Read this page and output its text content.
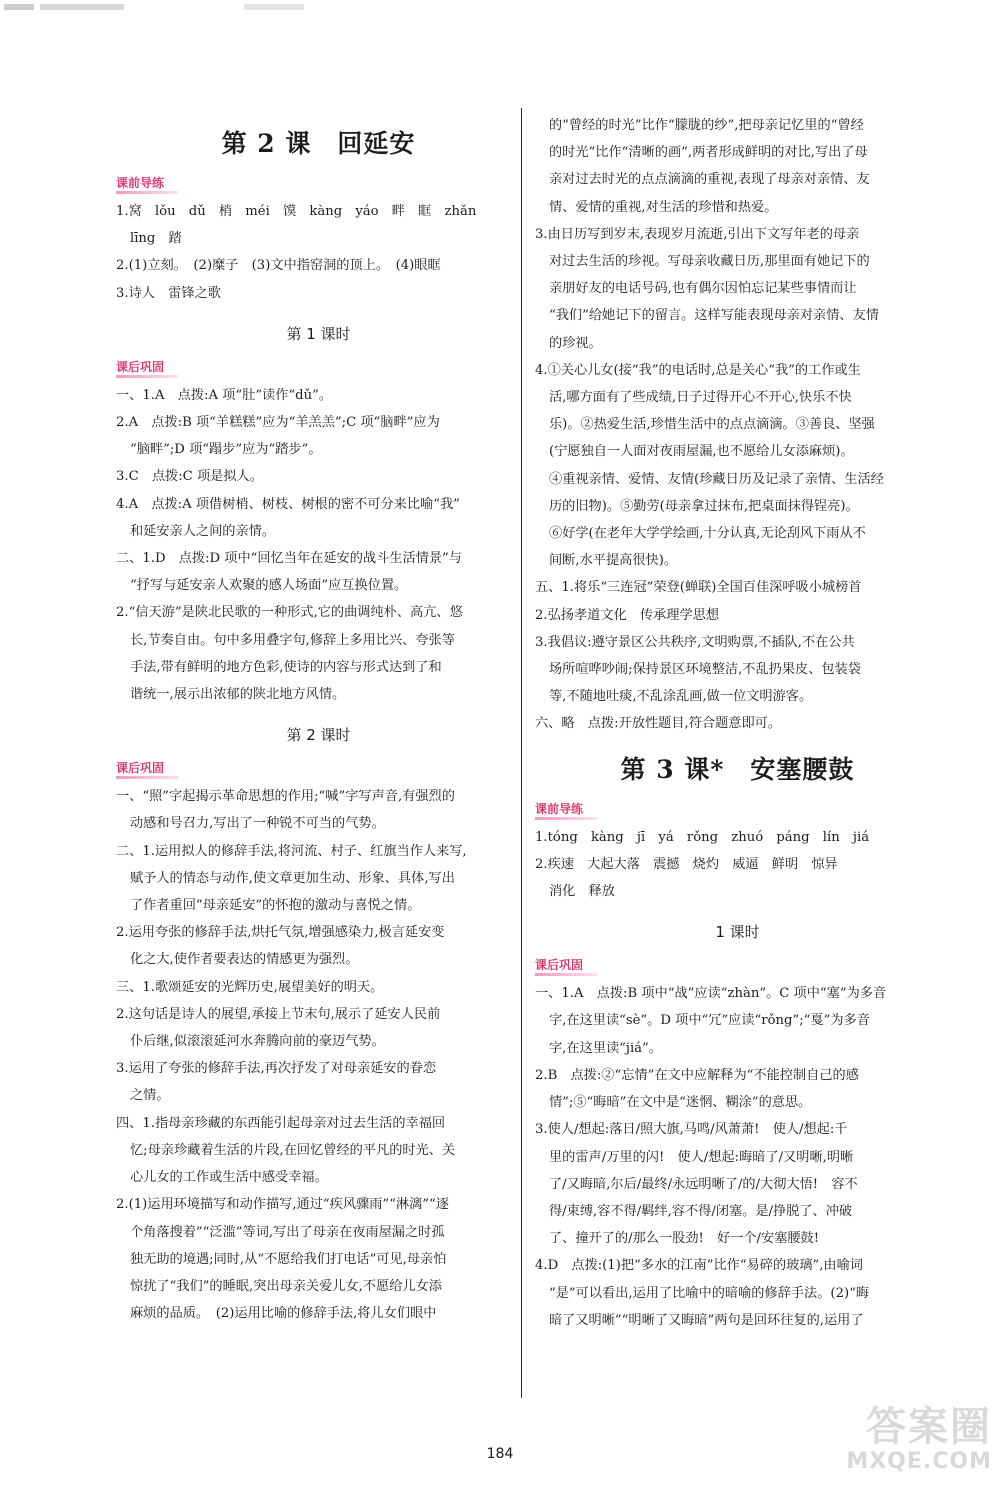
第 2 课　回延安
课前导练

1.窝　lǒu　dǔ　梢　méi　馍　kàng　yáo　畔　眶　zhǎn

līng　踏

2.(1)立刻。　(2)糜子　(3)文中指窑洞的顶上。　(4)眼眶

3.诗人　雷锋之歌

第 1 课时
课后巩固

一、1.A　点拨:A 项“肚”读作“dǔ”。

2.A　点拨:B 项“羊糕糕”应为“羊羔羔”;C 项“脑畔”应为

“脑畔”;D 项“蹋步”应为“踏步”。

3.C　点拨:C 项是拟人。

4.A　点拨:A 项借树梢、树枝、树根的密不可分来比喻“我”

和延安亲人之间的亲情。

二、1.D　点拨:D 项中“回忆当年在延安的战斗生活情景”与

“抒写与延安亲人欢聚的感人场面”应互换位置。

2.“信天游”是陕北民歌的一种形式,它的曲调纯朴、高亢、悠

长,节奏自由。句中多用叠字句,修辞上多用比兴、夸张等

手法,带有鲜明的地方色彩,使诗的内容与形式达到了和

谐统一,展示出浓郁的陕北地方风情。

第 2 课时
课后巩固

一、“照”字起揭示革命思想的作用;“喊”字写声音,有强烈的

动感和号召力,写出了一种锐不可当的气势。

二、1.运用拟人的修辞手法,将河流、村子、红旗当作人来写,

赋予人的情态与动作,使文章更加生动、形象、具体,写出

了作者重回“母亲延安”的怀抱的激动与喜悦之情。

2.运用夸张的修辞手法,烘托气氛,增强感染力,极言延安变

化之大,使作者要表达的情感更为强烈。

三、1.歌颂延安的光辉历史,展望美好的明天。

2.这句话是诗人的展望,承接上节末句,展示了延安人民前

仆后继,似滚滚延河水奔腾向前的豪迈气势。

3.运用了夸张的修辞手法,再次抒发了对母亲延安的眷恋

之情。

四、1.指母亲珍藏的东西能引起母亲对过去生活的幸福回

忆;母亲珍藏着生活的片段,在回忆曾经的平凡的时光、关

心儿女的工作或生活中感受幸福。

2.(1)运用环境描写和动作描写,通过“疾风骤雨”“淋漓”“逐

个角落搜着”“泛滥”等词,写出了母亲在夜雨屋漏之时孤

独无助的境遇;同时,从“不愿给我们打电话”可见,母亲怕

惊扰了“我们”的睡眠,突出母亲关爱儿女,不愿给儿女添

麻烦的品质。　(2)运用比喻的修辞手法,将儿女们眼中

的“曾经的时光”比作“朦胧的纱”,把母亲记忆里的“曾经

的时光”比作“清晰的画”,两者形成鲜明的对比,写出了母

亲对过去时光的点点滴滴的重视,表现了母亲对亲情、友

情、爱情的重视,对生活的珍惜和热爱。

3.由日历写到岁末,表现岁月流逝,引出下文写年老的母亲

对过去生活的珍视。写母亲收藏日历,那里面有她记下的

亲朋好友的电话号码,也有偶尔因怕忘记某些事情而让

“我们”给她记下的留言。这样写能表现母亲对亲情、友情

的珍视。

4.①关心儿女(接“我”的电话时,总是关心“我”的工作或生

活,哪方面有了些成绩,日子过得开心不开心,快乐不快

乐)。②热爱生活,珍惜生活中的点点滴滴。③善良、坚强

(宁愿独自一人面对夜雨屋漏,也不愿给儿女添麻烦)。

④重视亲情、爱情、友情(珍藏日历及记录了亲情、生活经

历的旧物)。⑤勤劳(母亲拿过抹布,把桌面抹得锃亮)。

⑥好学(在老年大学学绘画,十分认真,无论刮风下雨从不

间断,水平提高很快)。

五、1.将乐“三连冠”荣登(蝉联)全国百佳深呼吸小城榜首

2.弘扬孝道文化　传承理学思想

3.我倡议:遵守景区公共秩序,文明购票,不插队,不在公共

场所喧哗吵闹;保持景区环境整洁,不乱扔果皮、包装袋

等,不随地吐痰,不乱涂乱画,做一位文明游客。

六、略　点拨:开放性题目,符合题意即可。

第 3 课*　安塞腰鼓
课前导练

1.tóng　kàng　jī　yá　rǒng　zhuó　páng　lín　jiá

2.疾速　大起大落　震撼　烧灼　威逼　鲜明　惊异

消化　释放

1 课时
课后巩固

一、1.A　点拨:B 项中“战”应读“zhàn”。C 项中“塞”为多音

字,在这里读“sè”。D 项中“冗”应读“rǒng”;“戛”为多音

字,在这里读“jiá”。

2.B　点拨:②“忘情”在文中应解释为“不能控制自己的感

情”;⑤“晦暗”在文中是“迷惘、糊涂”的意思。

3.使人/想起:落日/照大旗,马鸣/风萧萧!　使人/想起:千

里的雷声/万里的闪!　使人/想起:晦暗了/又明晰,明晰

了/又晦暗,尔后/最终/永远明晰了/的/大彻大悟!　容不

得/束缚,容不得/羁绊,容不得/闭塞。是/挣脱了、冲破

了、撞开了的/那么一股劲!　好一个/安塞腰鼓!

4.D　点拨:(1)把“多水的江南”比作“易碎的玻璃”,由喻词

“是”可以看出,运用了比喻中的暗喻的修辞手法。(2)“晦

暗了又明晰”“明晰了又晦暗”两句是回环往复的,运用了

184
答案圈
MXQE.COM
